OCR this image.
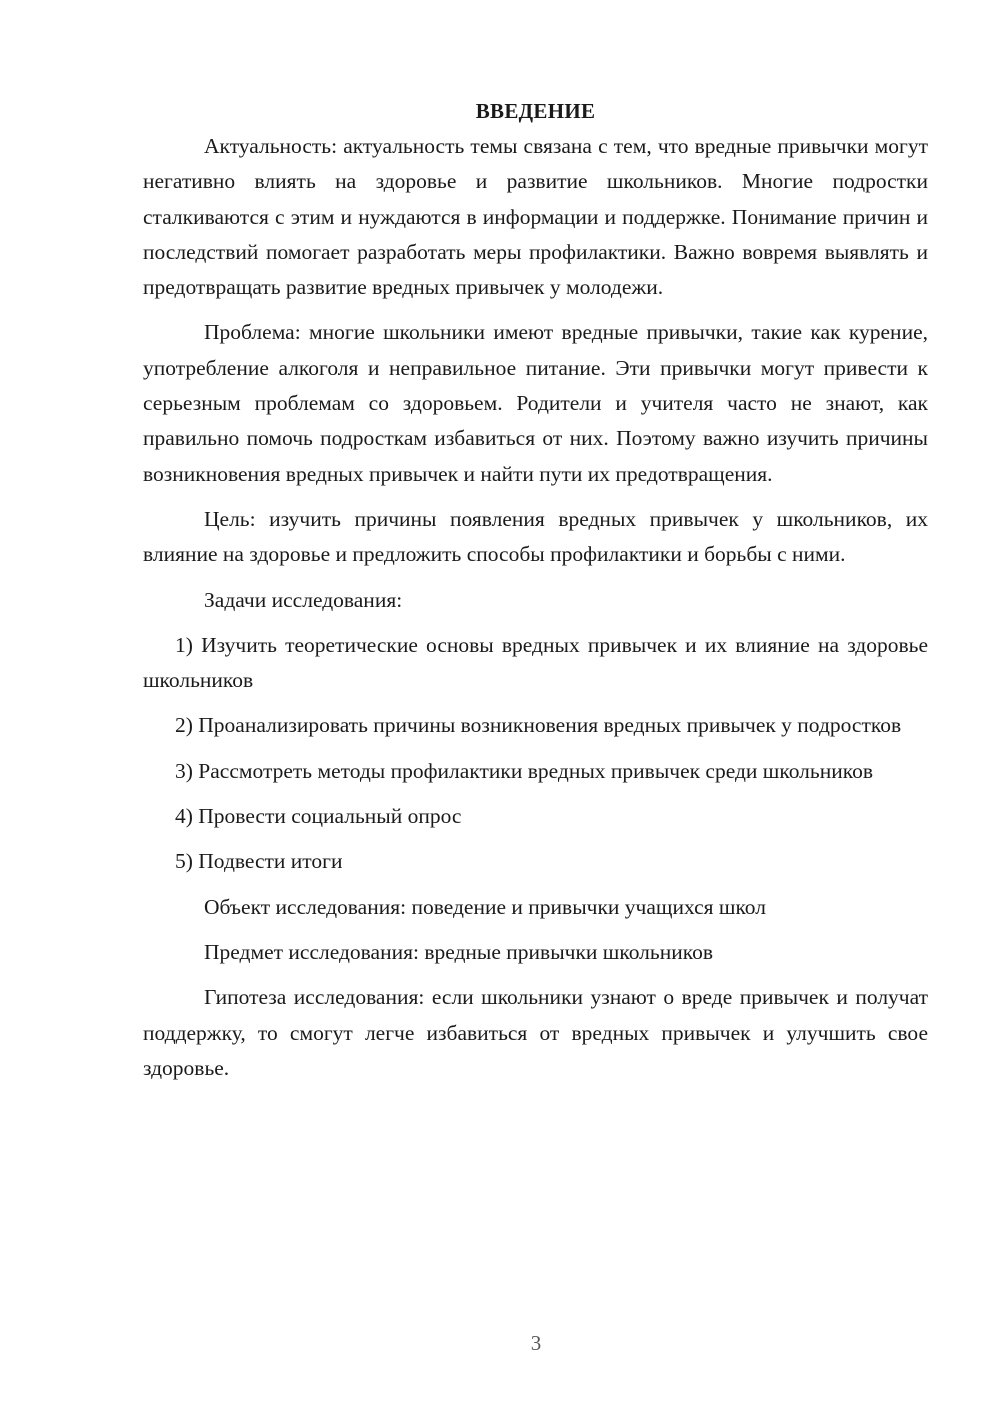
ВВЕДЕНИЕ

Актуальность: актуальность темы связана с тем, что вредные привычки могут негативно влиять на здоровье и развитие школьников. Многие подростки сталкиваются с этим и нуждаются в информации и поддержке. Понимание причин и последствий помогает разработать меры профилактики. Важно вовремя выявлять и предотвращать развитие вредных привычек у молодежи.

Проблема: многие школьники имеют вредные привычки, такие как курение, употребление алкоголя и неправильное питание. Эти привычки могут привести к серьезным проблемам со здоровьем. Родители и учителя часто не знают, как правильно помочь подросткам избавиться от них. Поэтому важно изучить причины возникновения вредных привычек и найти пути их предотвращения.

Цель: изучить причины появления вредных привычек у школьников, их влияние на здоровье и предложить способы профилактики и борьбы с ними.

Задачи исследования:

1) Изучить теоретические основы вредных привычек и их влияние на здоровье школьников

2) Проанализировать причины возникновения вредных привычек у подростков

3) Рассмотреть методы профилактики вредных привычек среди школьников

4) Провести социальный опрос

5) Подвести итоги

Объект исследования: поведение и привычки учащихся школ

Предмет исследования: вредные привычки школьников

Гипотеза исследования: если школьники узнают о вреде привычек и получат поддержку, то смогут легче избавиться от вредных привычек и улучшить свое здоровье.

3
